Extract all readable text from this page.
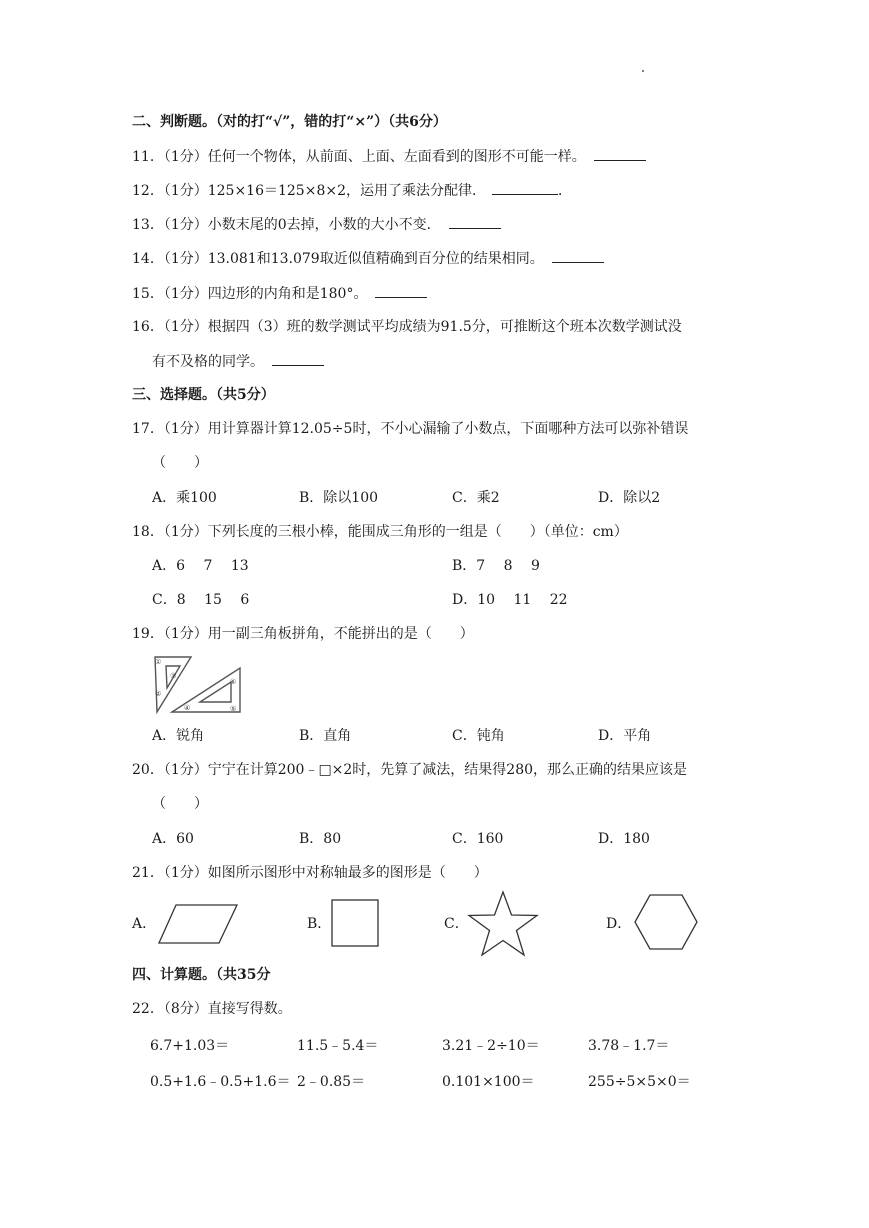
二、判断题。（对的打“√”，错的打“×”）（共6分）
11．（1分）任何一个物体，从前面、上面、左面看到的图形不可能一样。
12．（1分）125×16＝125×8×2，运用了乘法分配律．	．
13．（1分）小数末尾的0去掉，小数的大小不变．
14．（1分）13.081和13.079取近似值精确到百分位的结果相同。
15．（1分）四边形的内角和是180°。
16．（1分）根据四（3）班的数学测试平均成绩为91.5分，可推断这个班本次数学测试没
有不及格的同学。
三、选择题。（共5分）
17．（1分）用计算器计算12.05÷5时，不小心漏输了小数点，下面哪种方法可以弥补错误
（　　）
A．乘100	B．除以100	C．乘2	D．除以2
18．（1分）下列长度的三根小棒，能围成三角形的一组是（　　）（单位：cm）
A．6　 7　 13	B．7　 8　 9
C．8　 15　 6	D．10　 11　 22
19．（1分）用一副三角板拼角，不能拼出的是（　　）
①
②
③
④	⑤
⑥
A．锐角	B．直角	C．钝角	D．平角
20．（1分）宁宁在计算200﹣□×2时，先算了减法，结果得280，那么正确的结果应该是
（　　）
A．60	B．80	C．160	D．180
21．（1分）如图所示图形中对称轴最多的图形是（　　）
A．	B．	C．	D．
四、计算题。（共35分
22．（8分）直接写得数。
6.7+1.03＝	11.5﹣5.4＝	3.21﹣2÷10＝	3.78﹣1.7＝
0.5+1.6﹣0.5+1.6＝ 2﹣0.85＝	0.101×100＝	255÷5×5×0＝
